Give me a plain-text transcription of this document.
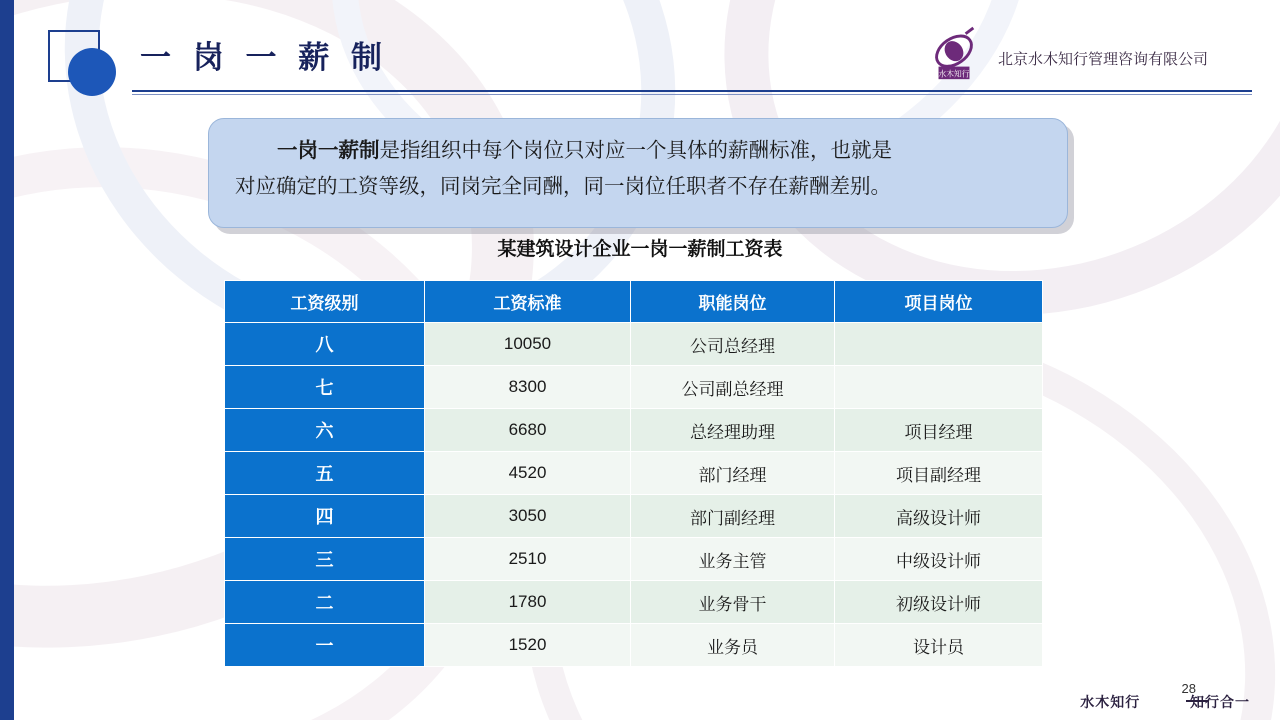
一 岗 一 薪 制	水木知行
北京水木知行管理咨询有限公司

一岗一薪制是指组织中每个岗位只对应一个具体的薪酬标准，也就是

对应确定的工资等级，同岗完全同酬，同一岗位任职者不存在薪酬差别。

某建筑设计企业一岗一薪制工资表
工资级别	工资标准	职能岗位	项目岗位
八	10050	公司总经理	
七	8300	公司副总经理	
六	6680	总经理助理	项目经理
五	4520	部门经理	项目副经理
四	3050	部门副经理	高级设计师
三	2510	业务主管	中级设计师
二	1780	业务骨干	初级设计师
一	1520	业务员	设计员
28
水木知行	知行合一
